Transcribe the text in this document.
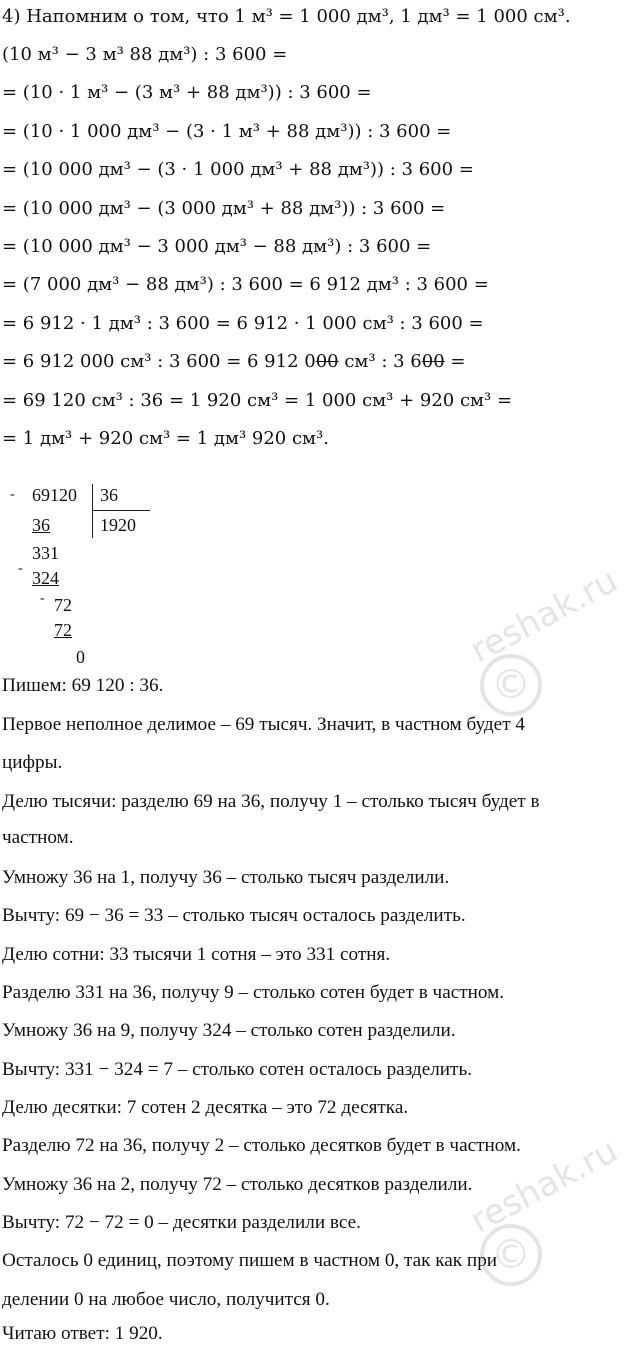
4) Напомним о том, что 1 м³ = 1 000 дм³, 1 дм³ = 1 000 см³.
(10 м³ − 3 м³ 88 дм³) : 3 600 =
= (10 · 1 м³ − (3 м³ + 88 дм³)) : 3 600 =
= (10 · 1 000 дм³ − (3 · 1 м³ + 88 дм³)) : 3 600 =
= (10 000 дм³ − (3 · 1 000 дм³ + 88 дм³)) : 3 600 =
= (10 000 дм³ − (3 000 дм³ + 88 дм³)) : 3 600 =
= (10 000 дм³ − 3 000 дм³ − 88 дм³) : 3 600 =
= (7 000 дм³ − 88 дм³) : 3 600 = 6 912 дм³ : 3 600 =
= 6 912 · 1 дм³ : 3 600 = 6 912 · 1 000 см³ : 3 600 =
= 6 912 000 см³ : 3 600 = 6 912 000 см³ : 3 600 =
= 69 120 см³ : 36 = 1 920 см³ = 1 000 см³ + 920 см³ =
= 1 дм³ + 920 см³ = 1 дм³ 920 см³.
- 69120 36
1920
36
331
- 324
- 72
72
0
Пишем: 69 120 : 36.
Первое неполное делимое – 69 тысяч. Значит, в частном будет 4
цифры.
Делю тысячи: разделю 69 на 36, получу 1 – столько тысяч будет в
частном.
Умножу 36 на 1, получу 36 – столько тысяч разделили.
Вычту: 69 − 36 = 33 – столько тысяч осталось разделить.
Делю сотни: 33 тысячи 1 сотня – это 331 сотня.
Разделю 331 на 36, получу 9 – столько сотен будет в частном.
Умножу 36 на 9, получу 324 – столько сотен разделили.
Вычту: 331 − 324 = 7 – столько сотен осталось разделить.
Делю десятки: 7 сотен 2 десятка – это 72 десятка.
Разделю 72 на 36, получу 2 – столько десятков будет в частном.
Умножу 36 на 2, получу 72 – столько десятков разделили.
Вычту: 72 − 72 = 0 – десятки разделили все.
Осталось 0 единиц, поэтому пишем в частном 0, так как при
делении 0 на любое число, получится 0.
Читаю ответ: 1 920.
©
reshak.ru
©
reshak.ru
